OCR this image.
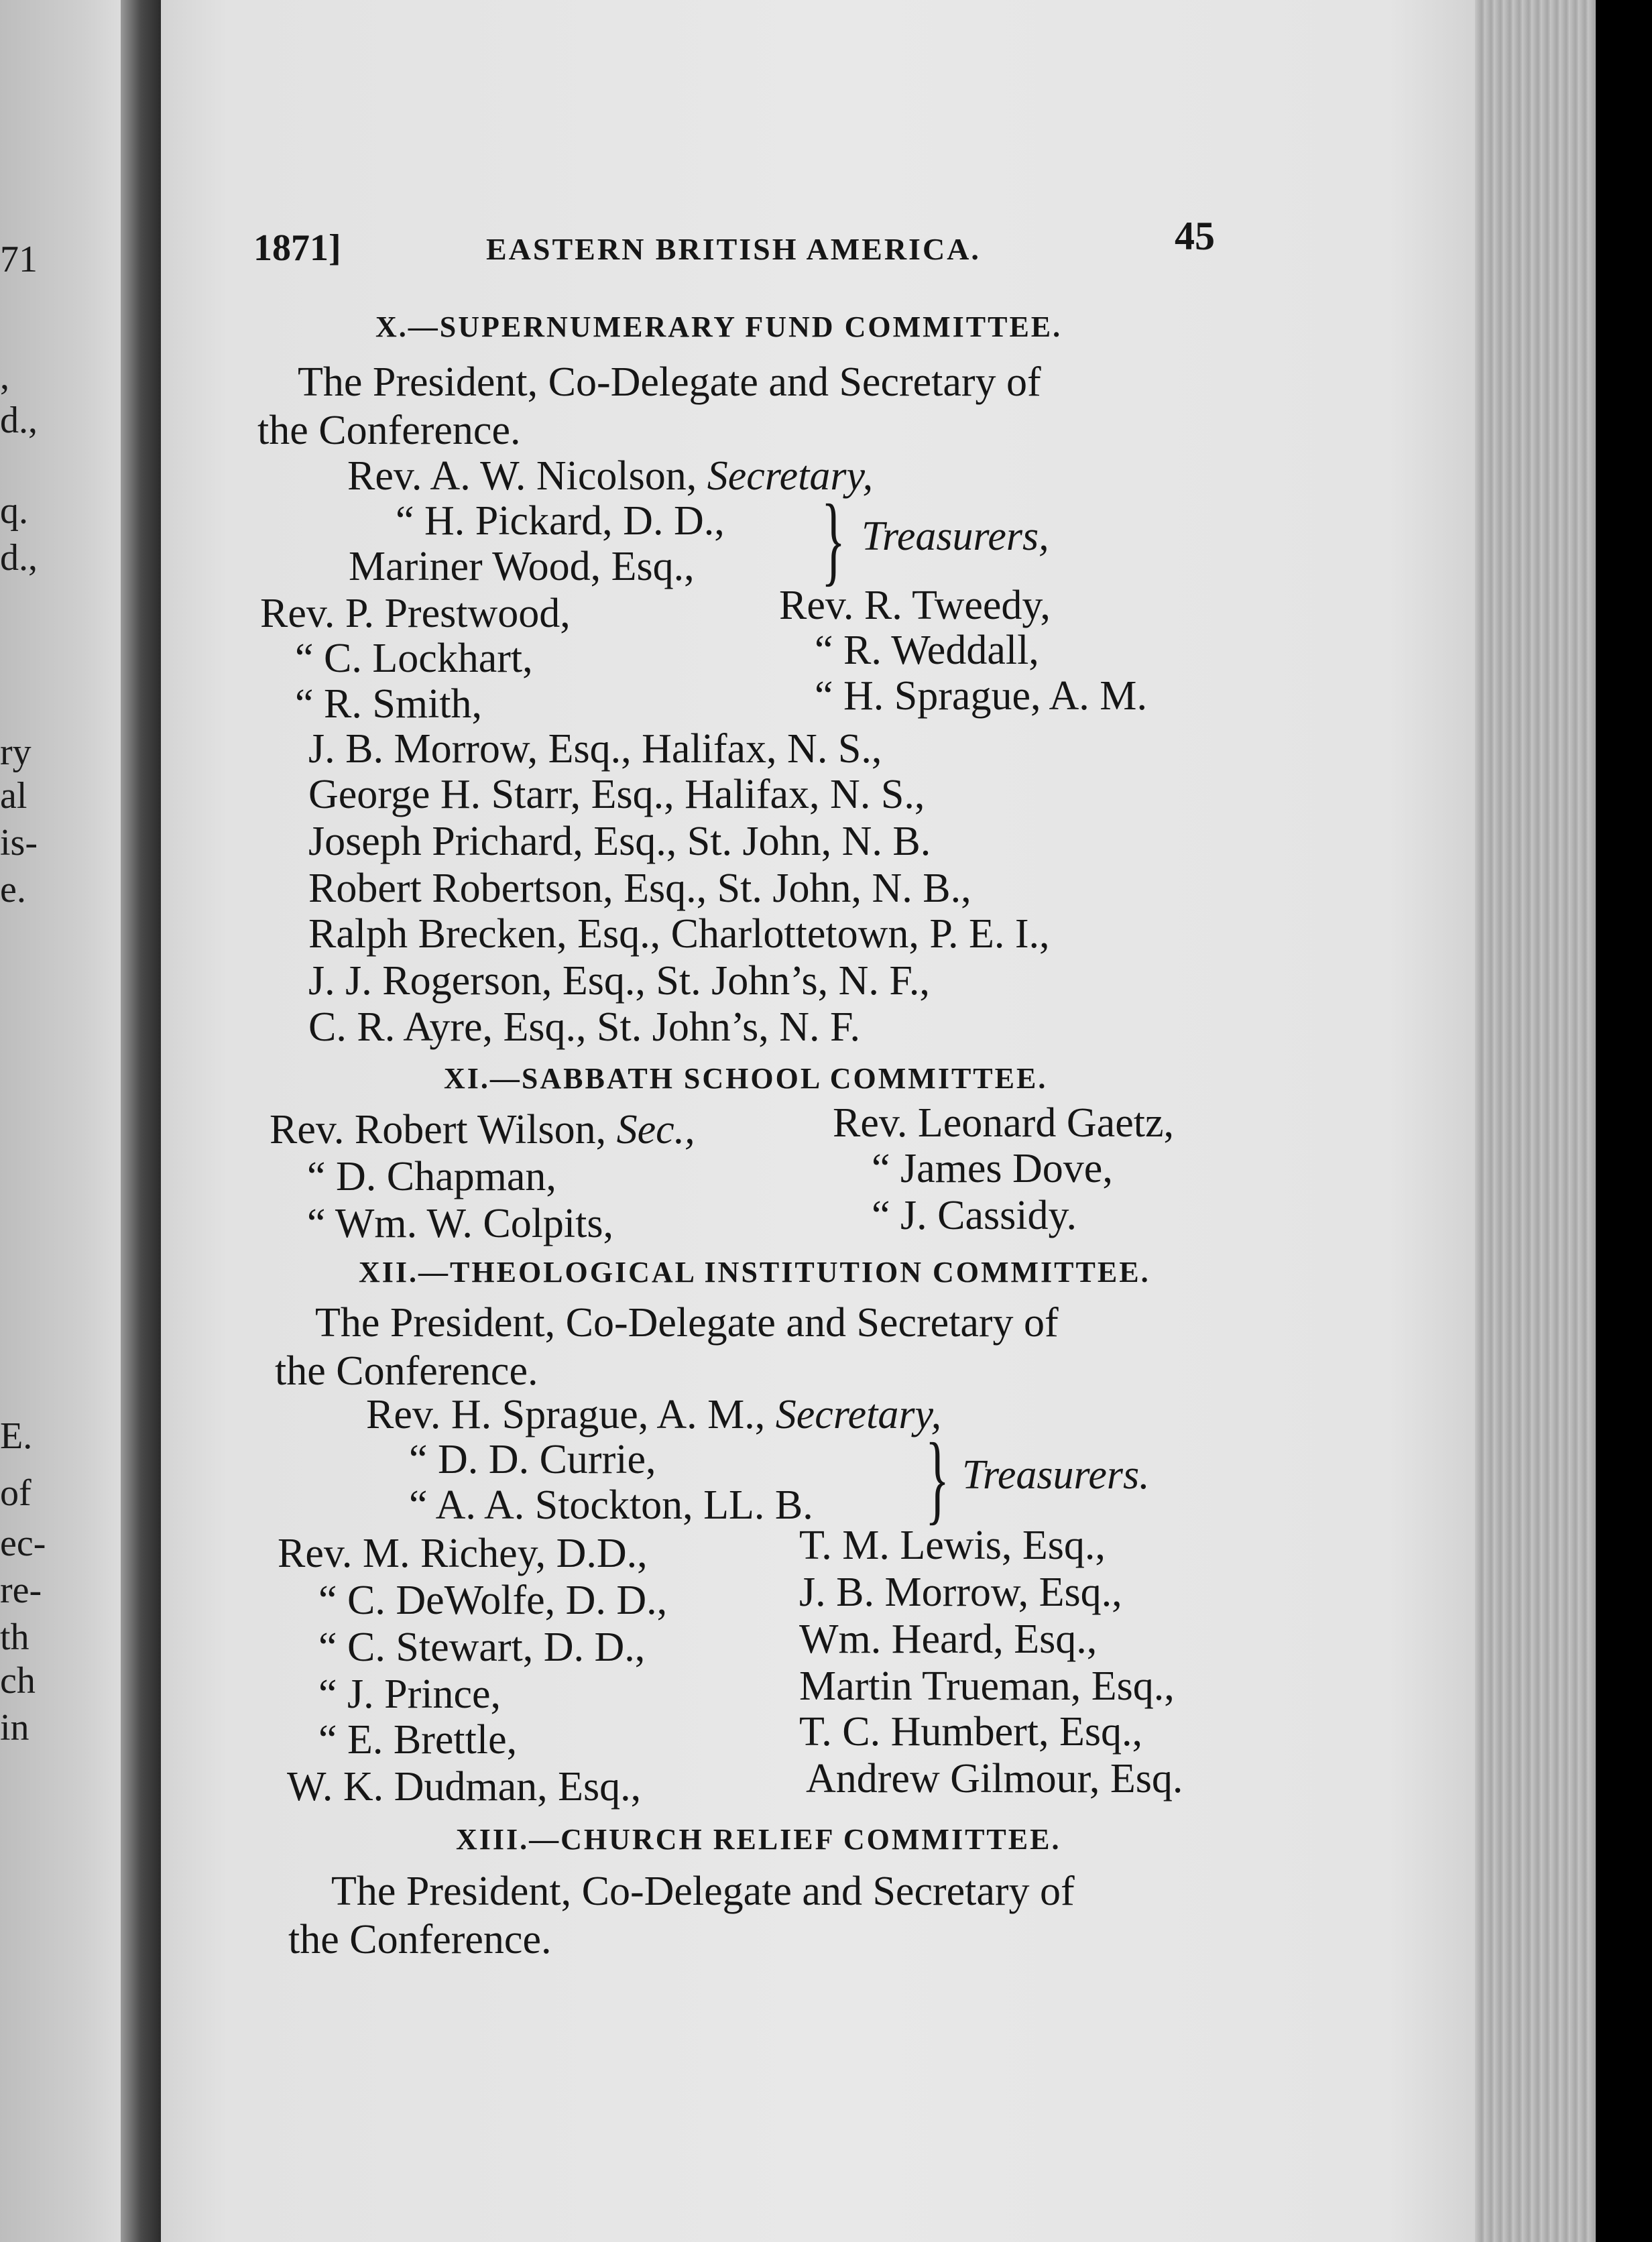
71
,
d.,
q.
d.,
ry
al
is-
e.
E.
of
ec-
re-
th
ch
in
1871]	EASTERN BRITISH AMERICA.	45
X.—SUPERNUMERARY FUND COMMITTEE.
The President, Co-Delegate and Secretary of
the Conference.
Rev. A. W. Nicolson, Secretary,
“ H. Pickard, D. D.,
Mariner Wood, Esq., } Treasurers,
Rev. P. Prestwood,
“ C. Lockhart,
“ R. Smith,
Rev. R. Tweedy,
“ R. Weddall,
“ H. Sprague, A. M.
J. B. Morrow, Esq., Halifax, N. S.,
George H. Starr, Esq., Halifax, N. S.,
Joseph Prichard, Esq., St. John, N. B.
Robert Robertson, Esq., St. John, N. B.,
Ralph Brecken, Esq., Charlottetown, P. E. I.,
J. J. Rogerson, Esq., St. John’s, N. F.,
C. R. Ayre, Esq., St. John’s, N. F.
XI.—SABBATH SCHOOL COMMITTEE.
Rev. Robert Wilson, Sec.,
“ D. Chapman,
“ Wm. W. Colpits,
Rev. Leonard Gaetz,
“ James Dove,
“ J. Cassidy.
XII.—THEOLOGICAL INSTITUTION COMMITTEE.
The President, Co-Delegate and Secretary of
the Conference.
Rev. H. Sprague, A. M., Secretary,
“ D. D. Currie,
“ A. A. Stockton, LL. B. } Treasurers.
Rev. M. Richey, D.D.,
“ C. DeWolfe, D. D.,
“ C. Stewart, D. D.,
“ J. Prince,
“ E. Brettle,
W. K. Dudman, Esq.,
T. M. Lewis, Esq.,
J. B. Morrow, Esq.,
Wm. Heard, Esq.,
Martin Trueman, Esq.,
T. C. Humbert, Esq.,
Andrew Gilmour, Esq.
XIII.—CHURCH RELIEF COMMITTEE.
The President, Co-Delegate and Secretary of
the Conference.
